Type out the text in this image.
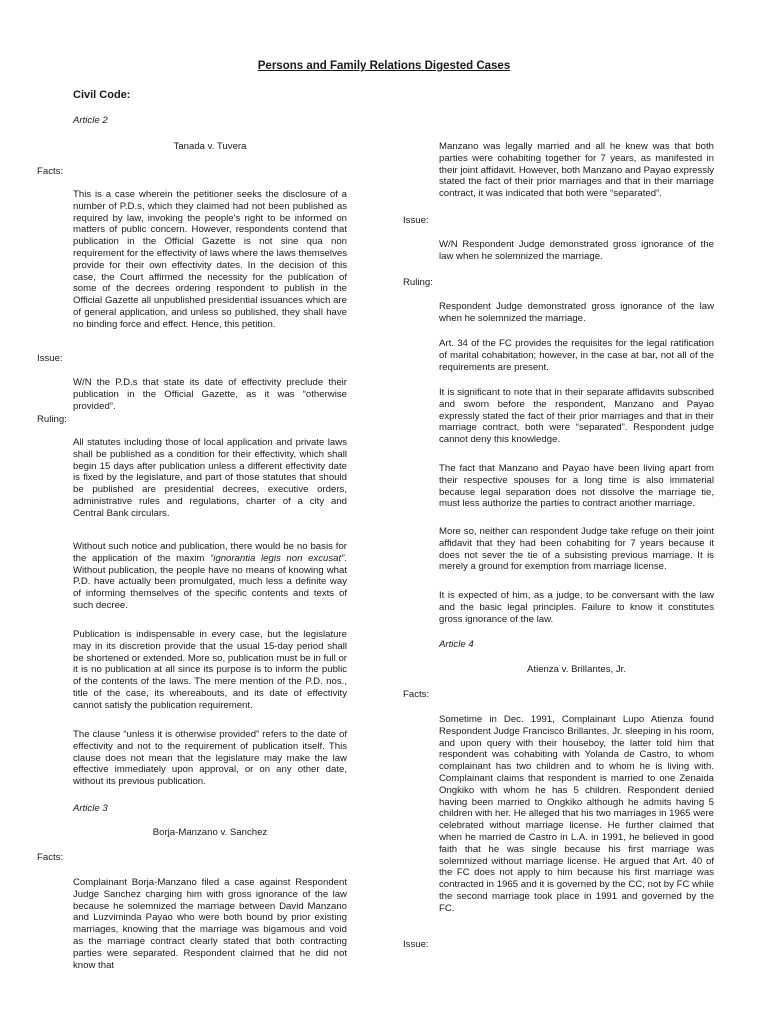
Persons and Family Relations Digested Cases
Civil Code:
Article 2
Tanada v. Tuvera
Facts:
This is a case wherein the petitioner seeks the disclosure of a number of P.D.s, which they claimed had not been published as required by law, invoking the people's right to be informed on matters of public concern. However, respondents contend that publication in the Official Gazette is not sine qua non requirement for the effectivity of laws where the laws themselves provide for their own effectivity dates. In the decision of this case, the Court affirmed the necessity for the publication of some of the decrees ordering respondent to publish in the Official Gazette all unpublished presidential issuances which are of general application, and unless so published, they shall have no binding force and effect. Hence, this petition.
Issue:
W/N the P.D.s that state its date of effectivity preclude their publication in the Official Gazette, as it was “otherwise provided”.
Ruling:
All statutes including those of local application and private laws shall be published as a condition for their effectivity, which shall begin 15 days after publication unless a different effectivity date is fixed by the legislature, and part of those statutes that should be published are presidential decrees, executive orders, administrative rules and regulations, charter of a city and Central Bank circulars.
Without such notice and publication, there would be no basis for the application of the maxim “ignorantia legis non excusat”. Without publication, the people have no means of knowing what P.D. have actually been promulgated, much less a definite way of informing themselves of the specific contents and texts of such decree.
Publication is indispensable in every case, but the legislature may in its discretion provide that the usual 15-day period shall be shortened or extended. More so, publication must be in full or it is no publication at all since its purpose is to inform the public of the contents of the laws. The mere mention of the P.D. nos., title of the case, its whereabouts, and its date of effectivity cannot satisfy the publication requirement.
The clause “unless it is otherwise provided” refers to the date of effectivity and not to the requirement of publication itself. This clause does not mean that the legislature may make the law effective immediately upon approval, or on any other date, without its previous publication.
Article 3
Borja-Manzano v. Sanchez
Facts:
Complainant Borja-Manzano filed a case against Respondent Judge Sanchez charging him with gross ignorance of the law because he solemnized the marriage between David Manzano and Luzviminda Payao who were both bound by prior existing marriages, knowing that the marriage was bigamous and void as the marriage contract clearly stated that both contracting parties were separated. Respondent claimed that he did not know that
Manzano was legally married and all he knew was that both parties were cohabiting together for 7 years, as manifested in their joint affidavit. However, both Manzano and Payao expressly stated the fact of their prior marriages and that in their marriage contract, it was indicated that both were “separated”.
Issue:
W/N Respondent Judge demonstrated gross ignorance of the law when he solemnized the marriage.
Ruling:
Respondent Judge demonstrated gross ignorance of the law when he solemnized the marriage.
Art. 34 of the FC provides the requisites for the legal ratification of marital cohabitation; however, in the case at bar, not all of the requirements are present.
It is significant to note that in their separate affidavits subscribed and sworn before the respondent, Manzano and Payao expressly stated the fact of their prior marriages and that in their marriage contract, both were “separated”. Respondent judge cannot deny this knowledge.
The fact that Manzano and Payao have been living apart from their respective spouses for a long time is also immaterial because legal separation does not dissolve the marriage tie, must less authorize the parties to contract another marriage.
More so, neither can respondent Judge take refuge on their joint affidavit that they had been cohabiting for 7 years because it does not sever the tie of a subsisting previous marriage. It is merely a ground for exemption from marriage license.
It is expected of him, as a judge, to be conversant with the law and the basic legal principles. Failure to know it constitutes gross ignorance of the law.
Article 4
Atienza v. Brillantes, Jr.
Facts:
Sometime in Dec. 1991, Complainant Lupo Atienza found Respondent Judge Francisco Brillantes, Jr. sleeping in his room, and upon query with their houseboy, the latter told him that respondent was cohabiting with Yolanda de Castro, to whom complainant has two children and to whom he is living with. Complainant claims that respondent is married to one Zenaida Ongkiko with whom he has 5 children. Respondent denied having been married to Ongkiko although he admits having 5 children with her. He alleged that his two marriages in 1965 were celebrated without marriage license. He further claimed that when he married de Castro in L.A. in 1991, he believed in good faith that he was single because his first marriage was solemnized without marriage license. He argued that Art. 40 of the FC does not apply to him because his first marriage was contracted in 1965 and it is governed by the CC, not by FC while the second marriage took place in 1991 and governed by the FC.
Issue:
